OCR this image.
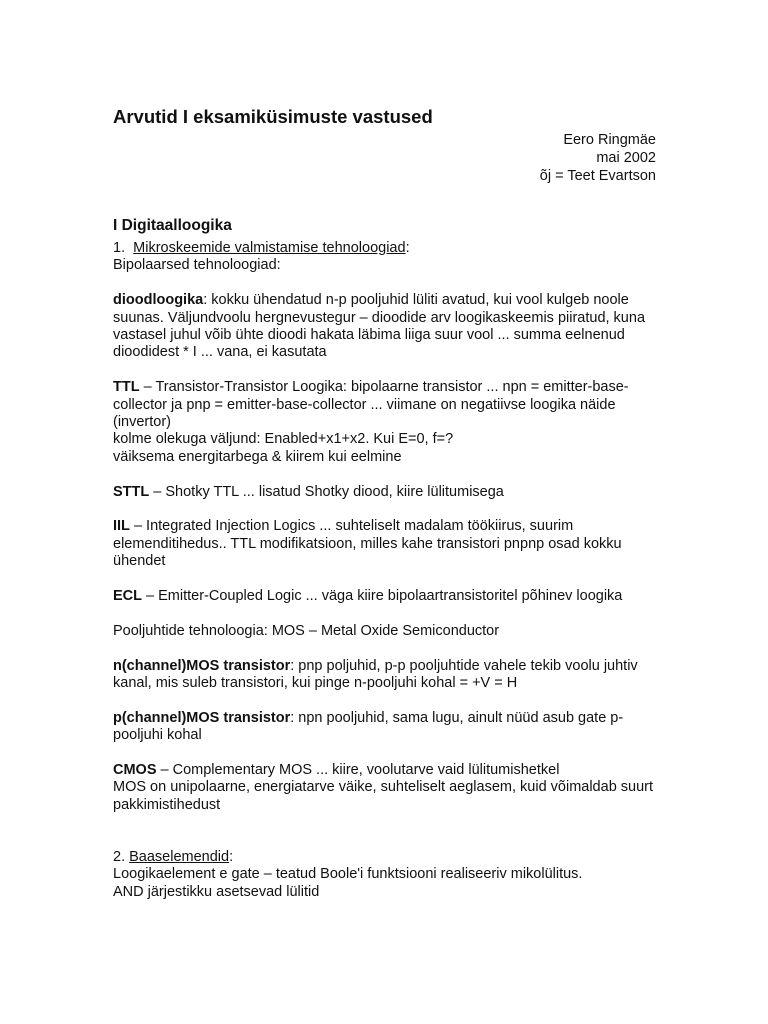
Arvutid I eksamiküsimuste vastused
Eero Ringmäe
mai 2002
õj = Teet Evartson
I Digitaalloogika

1.  Mikroskeemide valmistamise tehnoloogiad:
Bipolaarsed tehnoloogiad:

dioodloogika: kokku ühendatud n-p pooljuhid lüliti avatud, kui vool kulgeb noole suunas. Väljundvoolu hergnevustegur – dioodide arv loogikaskeemis piiratud, kuna vastasel juhul võib ühte dioodi hakata läbima liiga suur vool ... summa eelnenud dioodidest * I ... vana, ei kasutata

TTL – Transistor-Transistor Loogika: bipolaarne transistor ... npn = emitter-base-collector ja pnp = emitter-base-collector ... viimane on negatiivse loogika näide (invertor)
kolme olekuga väljund: Enabled+x1+x2. Kui E=0, f=?
väiksema energitarbega & kiirem kui eelmine

STTL – Shotky TTL ... lisatud Shotky diood, kiire lülitumisega

IIL – Integrated Injection Logics ... suhteliselt madalam töökiirus, suurim elemenditihedus.. TTL modifikatsioon, milles kahe transistori pnpnp osad kokku ühendet

ECL – Emitter-Coupled Logic ... väga kiire bipolaartransistoritel põhinev loogika

Pooljuhtide tehnoloogia: MOS – Metal Oxide Semiconductor

n(channel)MOS transistor: pnp poljuhid, p-p pooljuhtide vahele tekib voolu juhtiv kanal, mis suleb transistori, kui pinge n-pooljuhi kohal = +V = H

p(channel)MOS transistor: npn pooljuhid, sama lugu, ainult nüüd asub gate p-pooljuhi kohal

CMOS – Complementary MOS ... kiire, voolutarve vaid lülitumishetkel
MOS on unipolaarne, energiatarve väike, suhteliselt aeglasem, kuid võimaldab suurt pakkimistihedust

2. Baaselemendid:
Loogikaelement e gate – teatud Boole'i funktsiooni realiseeriv mikolülitus.
AND järjestikku asetsevad lülitid
